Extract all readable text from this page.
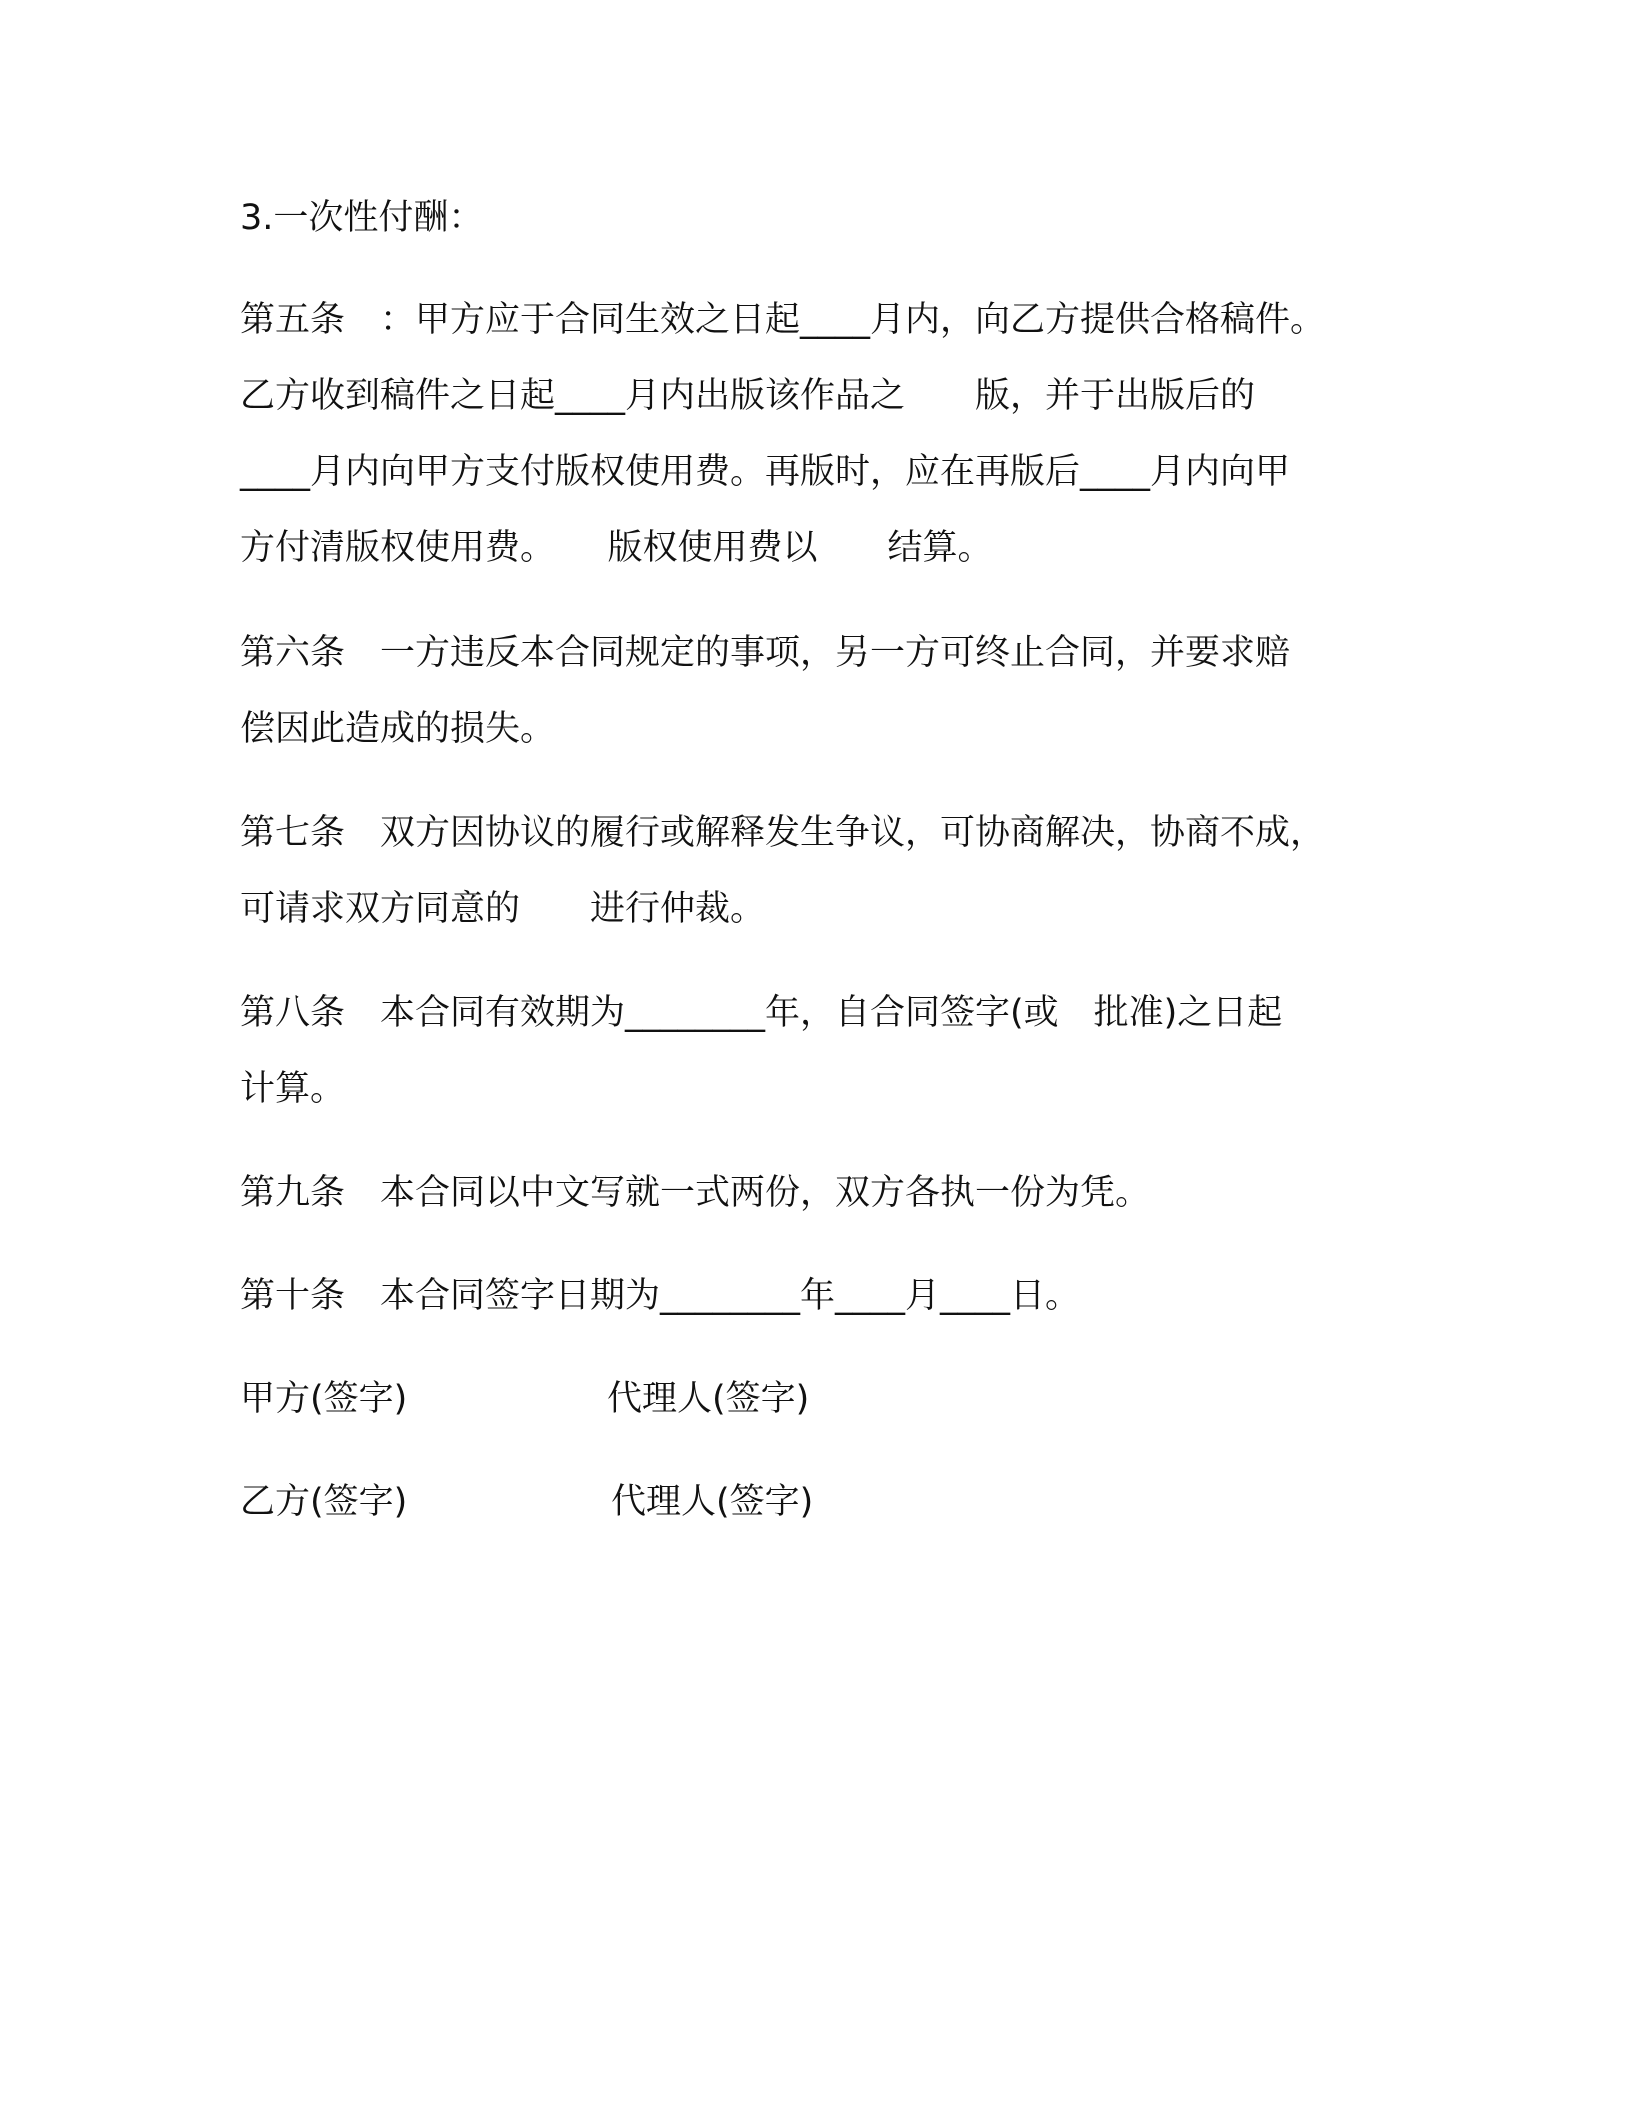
3.一次性付酬：
第五条　：甲方应于合同生效之日起____月内，向乙方提供合格稿件。
乙方收到稿件之日起____月内出版该作品之　　版，并于出版后的
____月内向甲方支付版权使用费。再版时，应在再版后____月内向甲
方付清版权使用费。　　版权使用费以　　结算。
第六条　一方违反本合同规定的事项，另一方可终止合同，并要求赔
偿因此造成的损失。
第七条　双方因协议的履行或解释发生争议，可协商解决，协商不成，
可请求双方同意的　　进行仲裁。
第八条　本合同有效期为________年，自合同签字(或　批准)之日起
计算。
第九条　本合同以中文写就一式两份，双方各执一份为凭。
第十条　本合同签字日期为________年____月____日。
甲方(签字)	代理人(签字)
乙方(签字)	代理人(签字)
